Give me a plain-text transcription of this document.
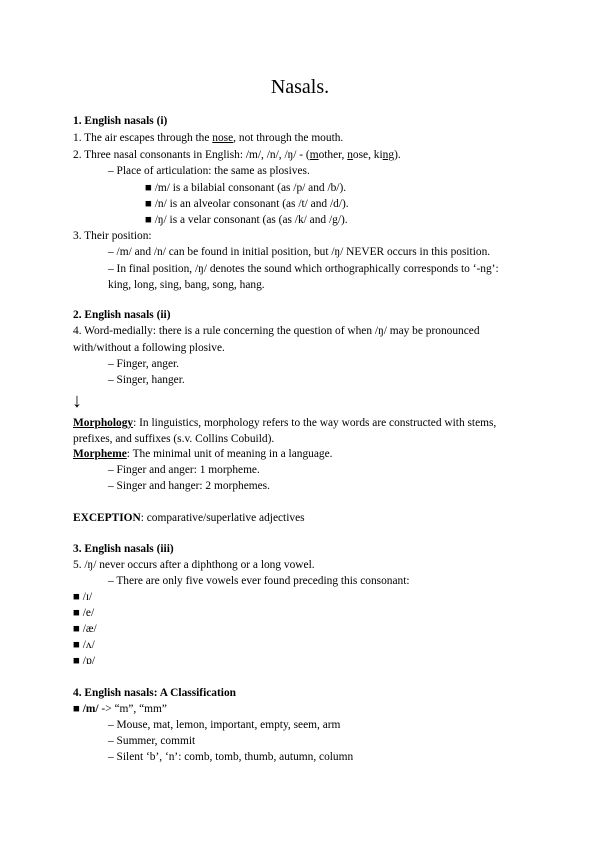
Nasals.
1. English nasals (i)
1. The air escapes through the nose, not through the mouth.
2. Three nasal consonants in English: /m/, /n/, /ŋ/ - (mother, nose, king).
– Place of articulation: the same as plosives.
■ /m/ is a bilabial consonant (as /p/ and /b/).
■ /n/ is an alveolar consonant (as /t/ and /d/).
■ /ŋ/ is a velar consonant (as (as /k/ and /g/).
3. Their position:
– /m/ and /n/ can be found in initial position, but /ŋ/ NEVER occurs in this position.
– In final position, /ŋ/ denotes the sound which orthographically corresponds to ‘-ng’:
king, long, sing, bang, song, hang.
2. English nasals (ii)
4. Word-medially: there is a rule concerning the question of when /ŋ/ may be pronounced
with/without a following plosive.
– Finger, anger.
– Singer, hanger.
↓
Morphology: In linguistics, morphology refers to the way words are constructed with stems,
prefixes, and suffixes (s.v. Collins Cobuild).
Morpheme: The minimal unit of meaning in a language.
– Finger and anger: 1 morpheme.
– Singer and hanger: 2 morphemes.
EXCEPTION: comparative/superlative adjectives
3. English nasals (iii)
5. /ŋ/ never occurs after a diphthong or a long vowel.
– There are only five vowels ever found preceding this consonant:
■ /ɪ/
■ /e/
■ /æ/
■ /ʌ/
■ /ɒ/
4. English nasals: A Classification
■ /m/ -> “m”, “mm”
– Mouse, mat, lemon, important, empty, seem, arm
– Summer, commit
– Silent ‘b’, ‘n’: comb, tomb, thumb, autumn, column
